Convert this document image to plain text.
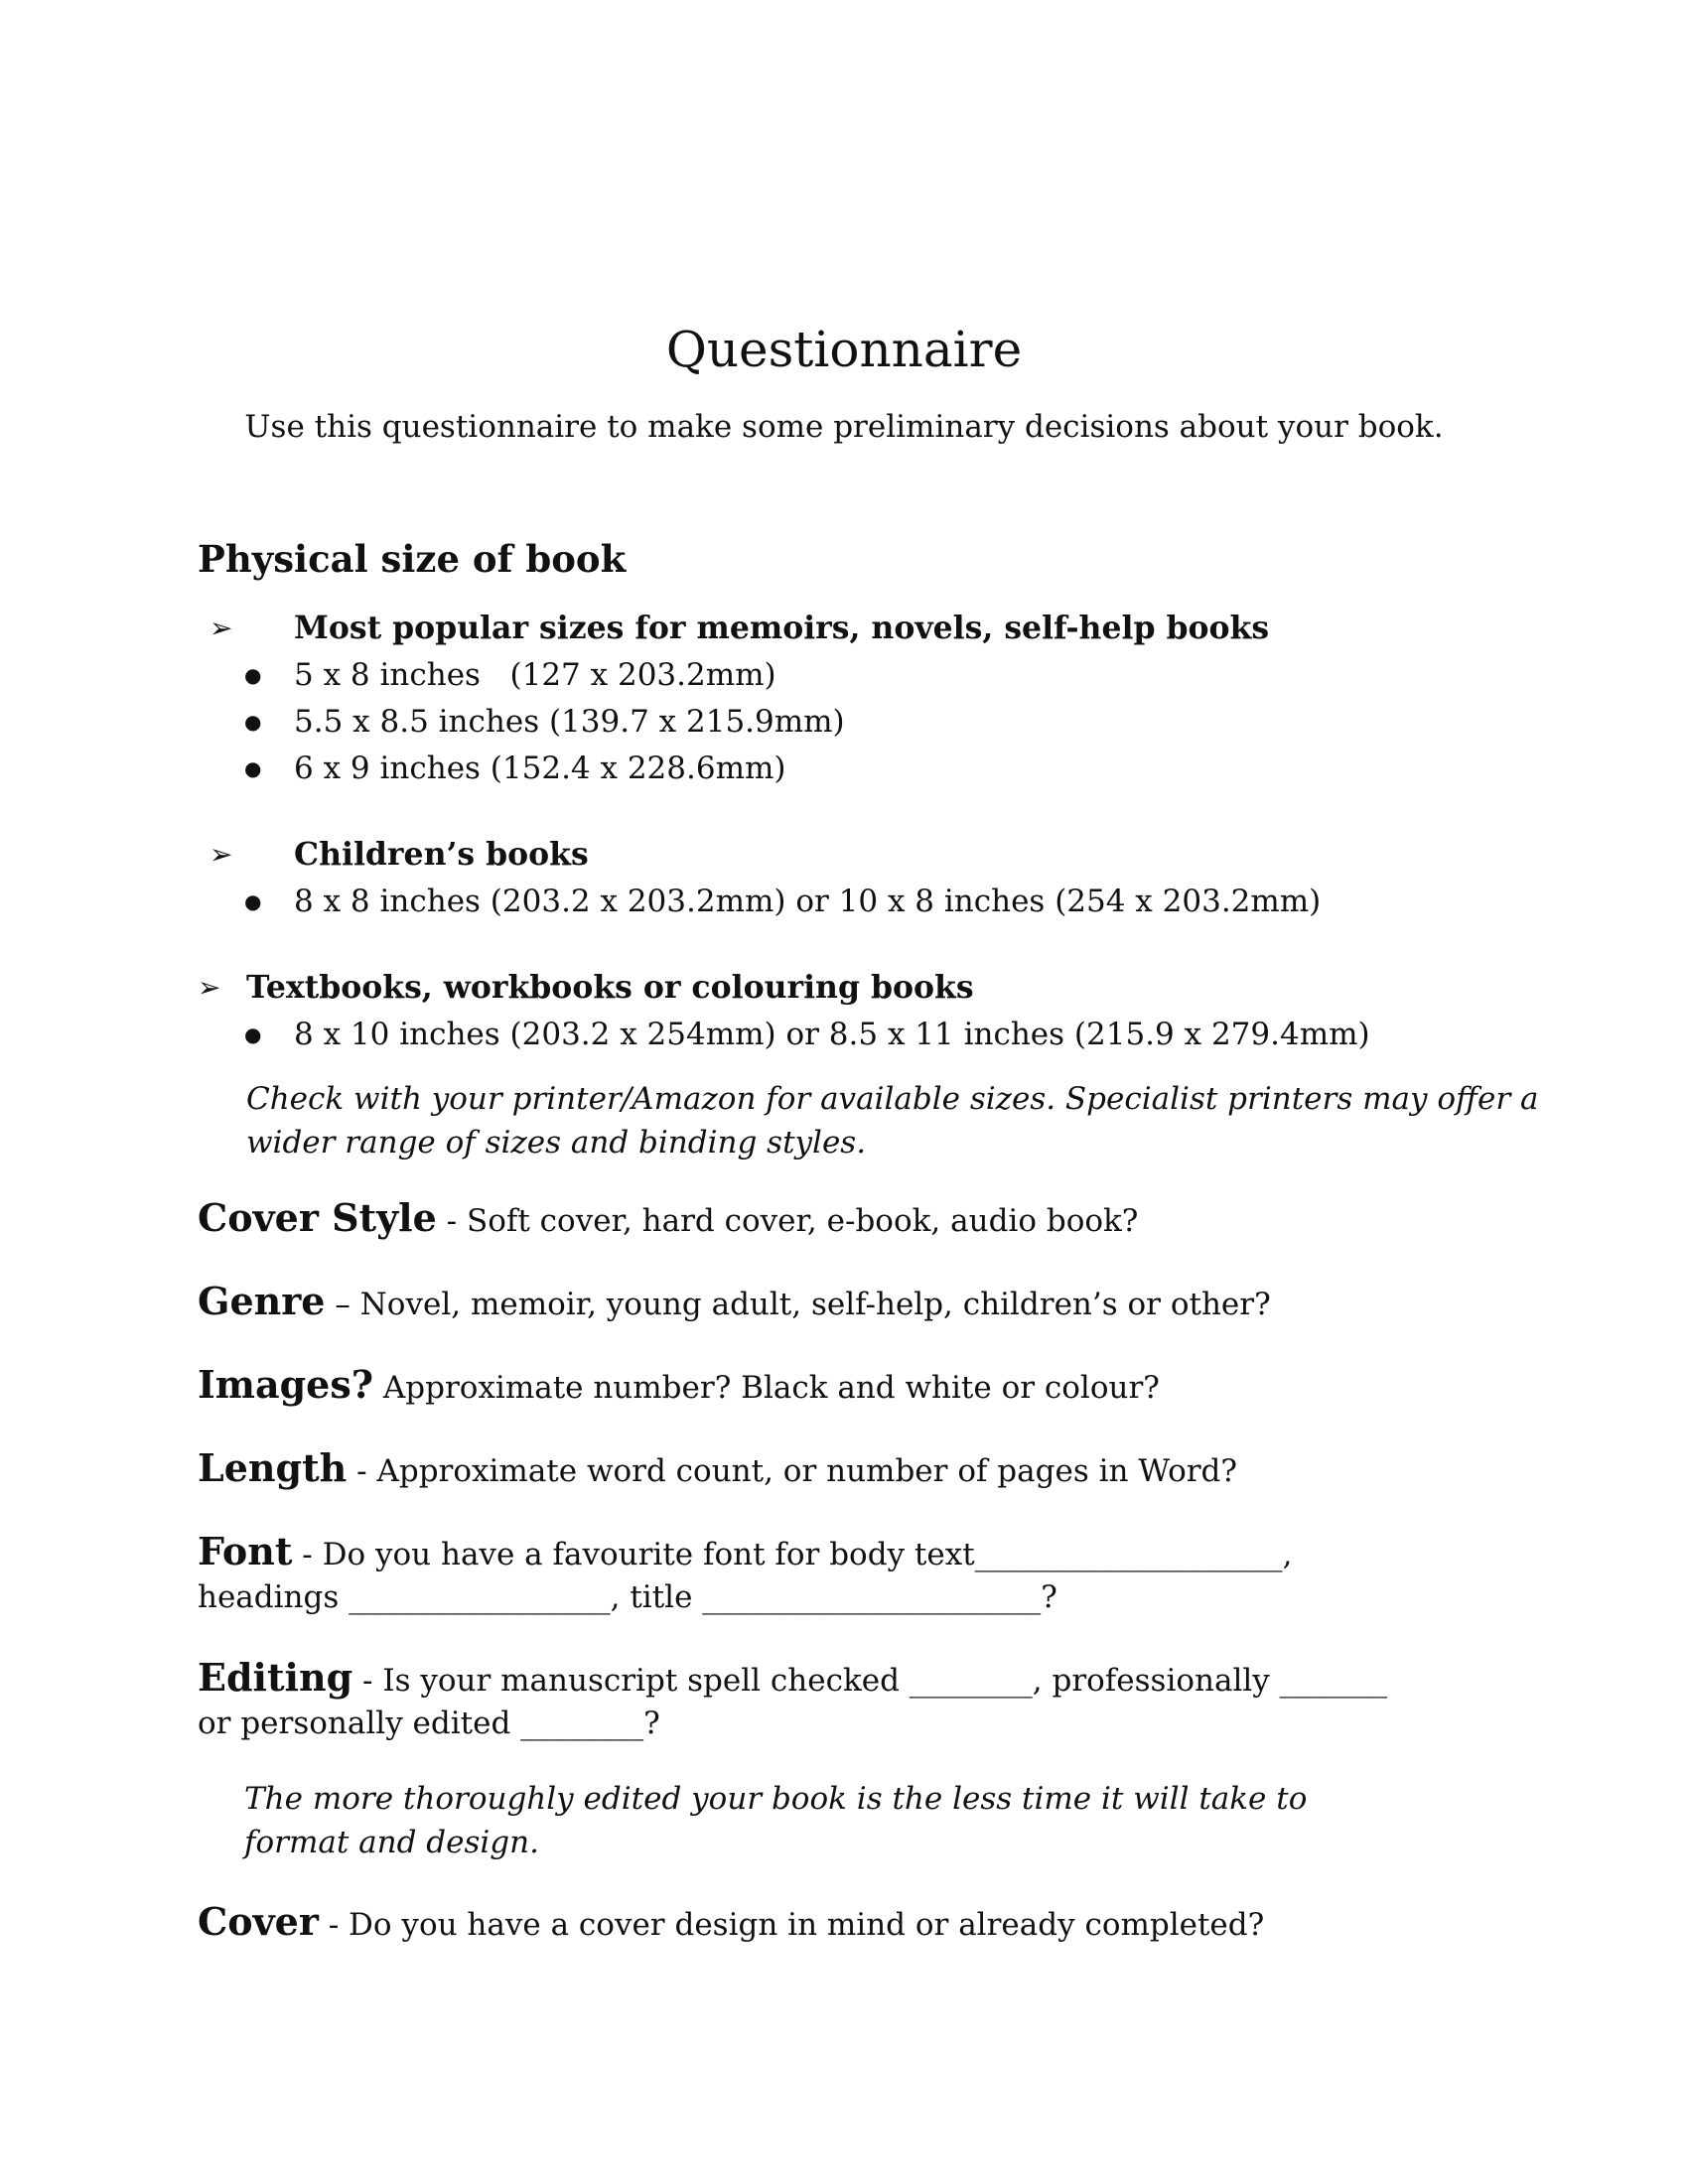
Questionnaire
Use this questionnaire to make some preliminary decisions about your book.
Physical size of book
➢ Most popular sizes for memoirs, novels, self-help books
● 5 x 8 inches   (127 x 203.2mm)
● 5.5 x 8.5 inches (139.7 x 215.9mm)
● 6 x 9 inches (152.4 x 228.6mm)
➢ Children’s books
● 8 x 8 inches (203.2 x 203.2mm) or 10 x 8 inches (254 x 203.2mm)
➢ Textbooks, workbooks or colouring books
● 8 x 10 inches (203.2 x 254mm) or 8.5 x 11 inches (215.9 x 279.4mm)
Check with your printer/Amazon for available sizes. Specialist printers may offer a
wider range of sizes and binding styles.
Cover Style - Soft cover, hard cover, e-book, audio book?
Genre – Novel, memoir, young adult, self-help, children’s or other?
Images? Approximate number? Black and white or colour?
Length - Approximate word count, or number of pages in Word?
Font - Do you have a favourite font for body text____________________,
headings _________________, title ______________________?
Editing - Is your manuscript spell checked ________, professionally _______
or personally edited ________?
The more thoroughly edited your book is the less time it will take to
format and design.
Cover - Do you have a cover design in mind or already completed?
